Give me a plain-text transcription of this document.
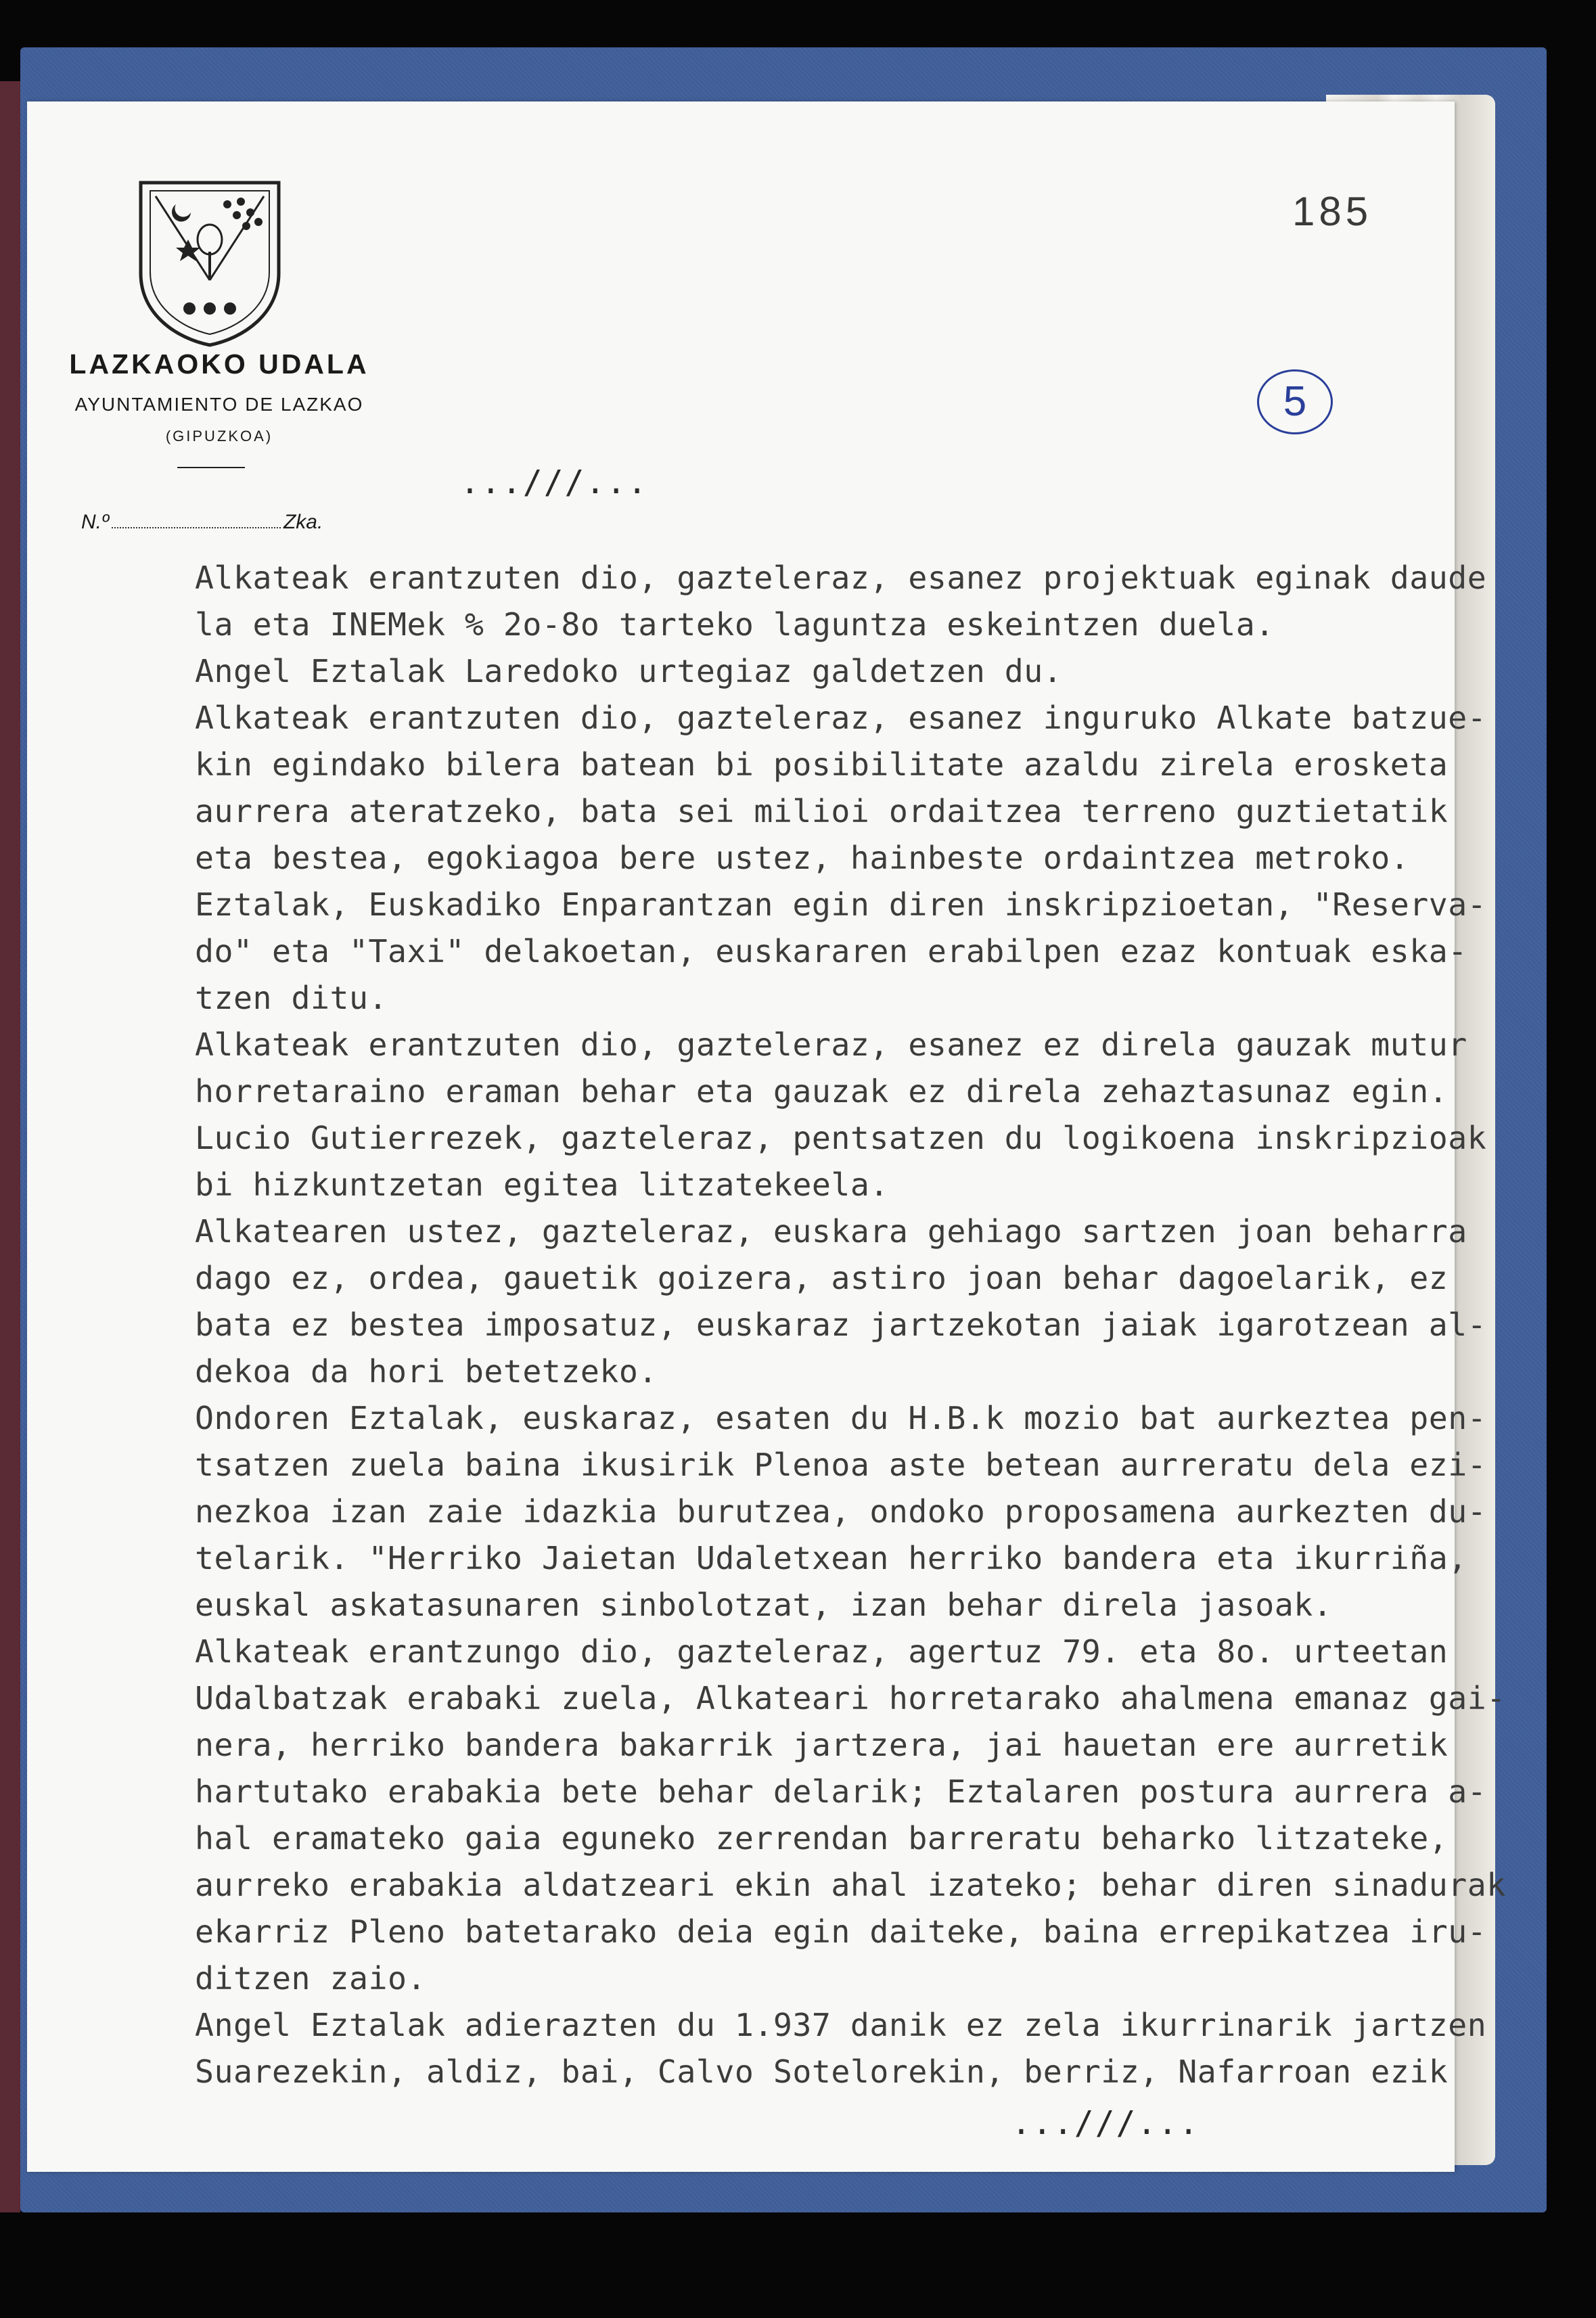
LAZKAOKO UDALA
AYUNTAMIENTO DE LAZKAO
(GIPUZKOA)
N.º	Zka.
185
5
...///...
Alkateak erantzuten dio, gazteleraz, esanez projektuak eginak daude
la eta INEMek % 2o-8o tarteko laguntza eskeintzen duela.
Angel Eztalak Laredoko urtegiaz galdetzen du.
Alkateak erantzuten dio, gazteleraz, esanez inguruko Alkate batzue-
kin egindako bilera batean bi posibilitate azaldu zirela erosketa
aurrera ateratzeko, bata sei milioi ordaitzea terreno guztietatik
eta bestea, egokiagoa bere ustez, hainbeste ordaintzea metroko.
Eztalak, Euskadiko Enparantzan egin diren inskripzioetan, "Reserva-
do" eta "Taxi" delakoetan, euskararen erabilpen ezaz kontuak eska-
tzen ditu.
Alkateak erantzuten dio, gazteleraz, esanez ez direla gauzak mutur
horretaraino eraman behar eta gauzak ez direla zehaztasunaz egin.
Lucio Gutierrezek, gazteleraz, pentsatzen du logikoena inskripzioak
bi hizkuntzetan egitea litzatekeela.
Alkatearen ustez, gazteleraz, euskara gehiago sartzen joan beharra
dago ez, ordea, gauetik goizera, astiro joan behar dagoelarik, ez
bata ez bestea imposatuz, euskaraz jartzekotan jaiak igarotzean al-
dekoa da hori betetzeko.
Ondoren Eztalak, euskaraz, esaten du H.B.k mozio bat aurkeztea pen-
tsatzen zuela baina ikusirik Plenoa aste betean aurreratu dela ezi-
nezkoa izan zaie idazkia burutzea, ondoko proposamena aurkezten du-
telarik. "Herriko Jaietan Udaletxean herriko bandera eta ikurriña,
euskal askatasunaren sinbolotzat, izan behar direla jasoak.
Alkateak erantzungo dio, gazteleraz, agertuz 79. eta 8o. urteetan
Udalbatzak erabaki zuela, Alkateari horretarako ahalmena emanaz gai-
nera, herriko bandera bakarrik jartzera, jai hauetan ere aurretik
hartutako erabakia bete behar delarik; Eztalaren postura aurrera a-
hal eramateko gaia eguneko zerrendan barreratu beharko litzateke,
aurreko erabakia aldatzeari ekin ahal izateko; behar diren sinadurak
ekarriz Pleno batetarako deia egin daiteke, baina errepikatzea iru-
ditzen zaio.
Angel Eztalak adierazten du 1.937 danik ez zela ikurrinarik jartzen
Suarezekin, aldiz, bai, Calvo Sotelorekin, berriz, Nafarroan ezik
...///...
